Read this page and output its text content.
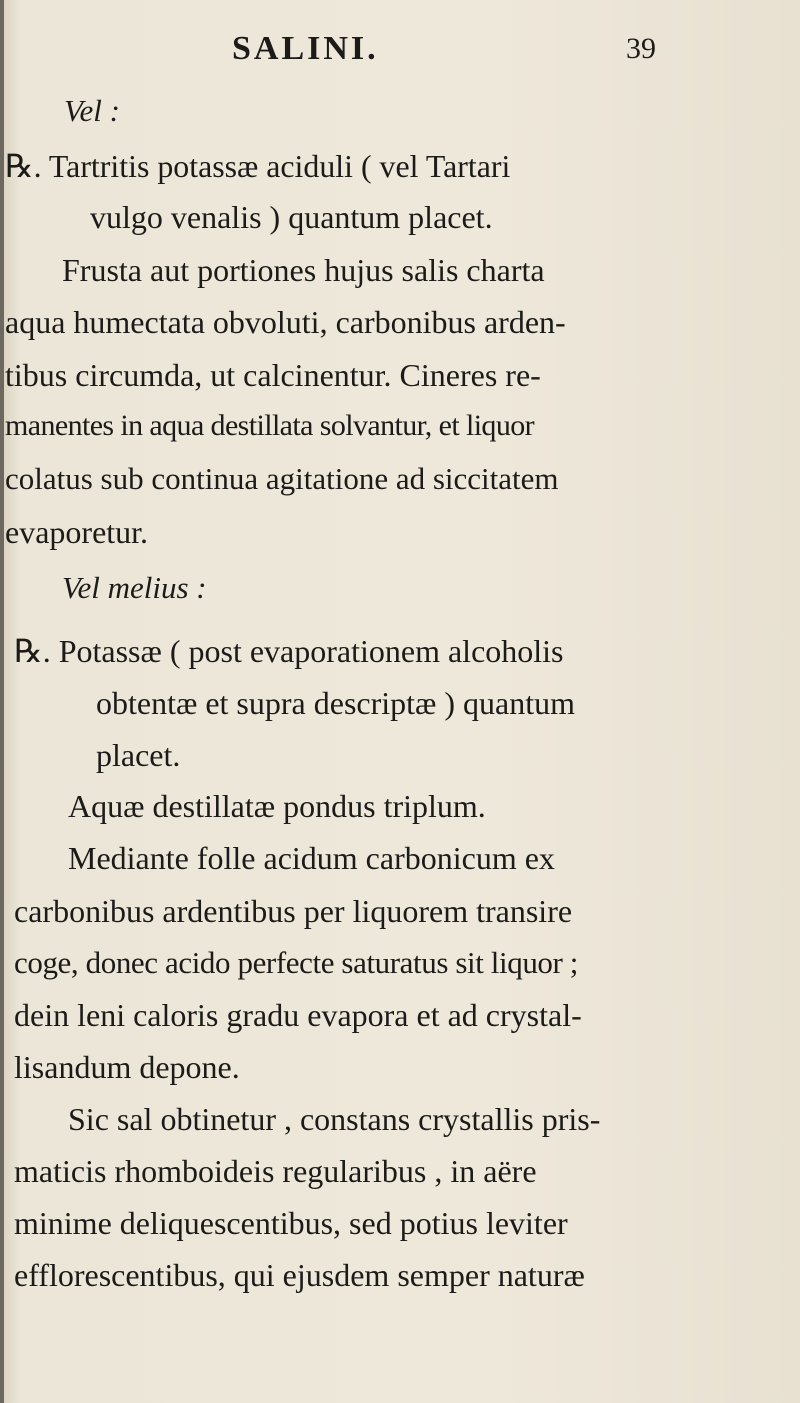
SALINI.	39
Vel :
℞. Tartritis potassæ aciduli ( vel Tartari
vulgo venalis ) quantum placet.
Frusta aut portiones hujus salis charta
aqua humectata obvoluti, carbonibus arden-
tibus circumda, ut calcinentur. Cineres re-
manentes in aqua destillata solvantur, et liquor
colatus sub continua agitatione ad siccitatem
evaporetur.
Vel melius :
℞. Potassæ ( post evaporationem alcoholis
obtentæ et supra descriptæ ) quantum
placet.
Aquæ destillatæ pondus triplum.
Mediante folle acidum carbonicum ex
carbonibus ardentibus per liquorem transire
coge, donec acido perfecte saturatus sit liquor ;
dein leni caloris gradu evapora et ad crystal-
lisandum depone.
Sic sal obtinetur , constans crystallis pris-
maticis rhomboideis regularibus , in aëre
minime deliquescentibus, sed potius leviter
efflorescentibus, qui ejusdem semper naturæ
